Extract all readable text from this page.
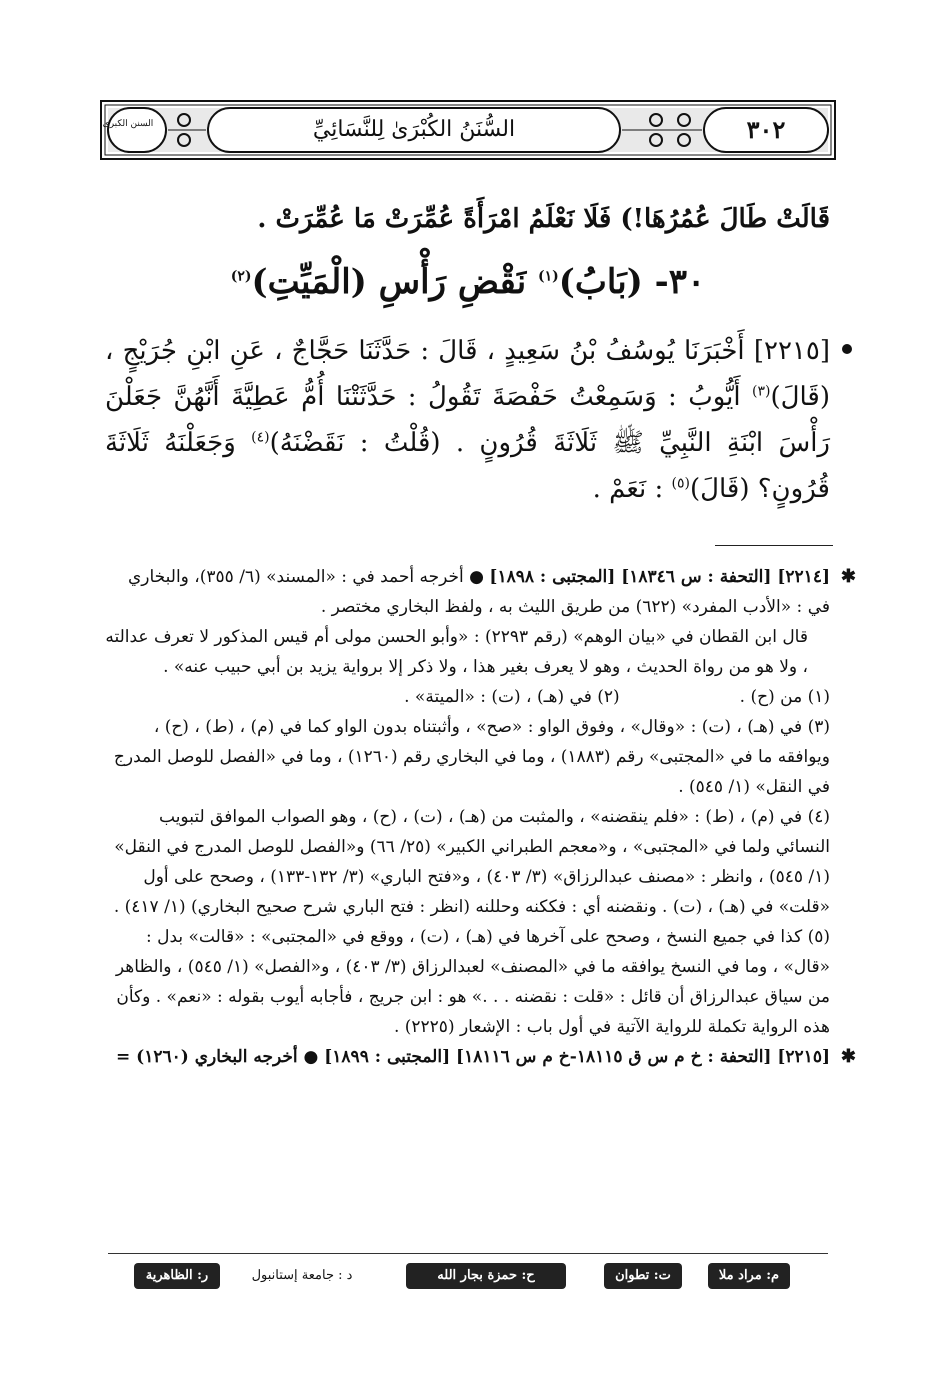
السنن الكبرى	٣٠٢
السُّنَنُ الكُبْرَىٰ لِلنَّسَائِيِّ
قَالَتْ طَالَ عُمُرُهَا!) فَلَا نَعْلَمُ امْرَأَةً عُمِّرَتْ مَا عُمِّرَتْ .
٣٠- (بَابُ)$^{(١)}$ نَقْضِ رَأْسِ (الْمَيِّتِ)$^{(٢)}$
[٢٢١٥] أَخْبَرَنَا يُوسُفُ بْنُ سَعِيدٍ ، قَالَ : حَدَّثَنَا حَجَّاجٌ ، عَنِ ابْنِ جُرَيْجٍ ، (قَالَ)$^{(٣)}$ أَيُّوبُ : وَسَمِعْتُ حَفْصَةَ تَقُولُ : حَدَّثَتْنَا أُمُّ عَطِيَّةَ أَنَّهُنَّ جَعَلْنَ رَأْسَ ابْنَةِ النَّبِيِّ ﷺ ثَلَاثَةَ قُرُونٍ . (قُلْتُ : نَقَضْنَهُ)$^{(٤)}$ وَجَعَلْنَهُ ثَلَاثَةَ قُرُونٍ؟ (قَالَ)$^{(٥)}$ : نَعَمْ .
✱

[٢٢١٤] [التحفة : س ١٨٣٤٦] [المجتبى : ١٨٩٨] ● أخرجه أحمد في : «المسند» (٦/ ٣٥٥)، والبخاري في : «الأدب المفرد» (٦٢٢) من طريق الليث به ، ولفظ البخاري مختصر .

قال ابن القطان في «بيان الوهم» (رقم ٢٢٩٣) : «وأبو الحسن مولى أم قيس المذكور لا تعرف عدالته ، ولا هو من رواة الحديث ، وهو لا يعرف بغير هذا ، ولا ذكر إلا برواية يزيد بن أبي حبيب عنه» .

(١) من (ح) .
(٢) في (هـ) ، (ت) : «الميتة» .

(٣) في (هـ) ، (ت) : «وقال» ، وفوق الواو : «صح» ، وأثبتناه بدون الواو كما في (م) ، (ط) ، (ح) ، ويوافقه ما في «المجتبى» رقم (١٨٨٣) ، وما في البخاري رقم (١٢٦٠) ، وما في «الفصل للوصل المدرج في النقل» (١/ ٥٤٥) .

(٤) في (م) ، (ط) : «فلم ينقضنه» ، والمثبت من (هـ) ، (ت) ، (ح) ، وهو الصواب الموافق لتبويب النسائي ولما في «المجتبى» ، و«معجم الطبراني الكبير» (٢٥/ ٦٦) و«الفصل للوصل المدرج في النقل» (١/ ٥٤٥) ، وانظر : «مصنف عبدالرزاق» (٣/ ٤٠٣) ، و«فتح الباري» (٣/ ١٣٢-١٣٣) ، وصحح على أول «قلت» في (هـ) ، (ت) . ونقضنه أي : فككنه وحللنه (انظر : فتح الباري شرح صحيح البخاري) (١/ ٤١٧) .

(٥) كذا في جميع النسخ ، وصحح على آخرها في (هـ) ، (ت) ، ووقع في «المجتبى» : «قالت» بدل : «قال» ، وما في النسخ يوافقه ما في «المصنف» لعبدالرزاق (٣/ ٤٠٣) ، و«الفصل» (١/ ٥٤٥) ، والظاهر من سياق عبدالرزاق أن قائل : «قلت : نقضنه . . .» هو : ابن جريج ، فأجابه أيوب بقوله : «نعم» . وكأن هذه الرواية تكملة للرواية الآتية في أول باب : الإشعار (٢٢٢٥) .

✱
[٢٢١٥] [التحفة : خ م س ق ١٨١١٥-خ م س ١٨١١٦] [المجتبى : ١٨٩٩] ● أخرجه البخاري (١٢٦٠) =

م: مراد ملا
ت: تطوان
ح: حمزة بجار الله
د : جامعة إستانبول
ر: الظاهرية
